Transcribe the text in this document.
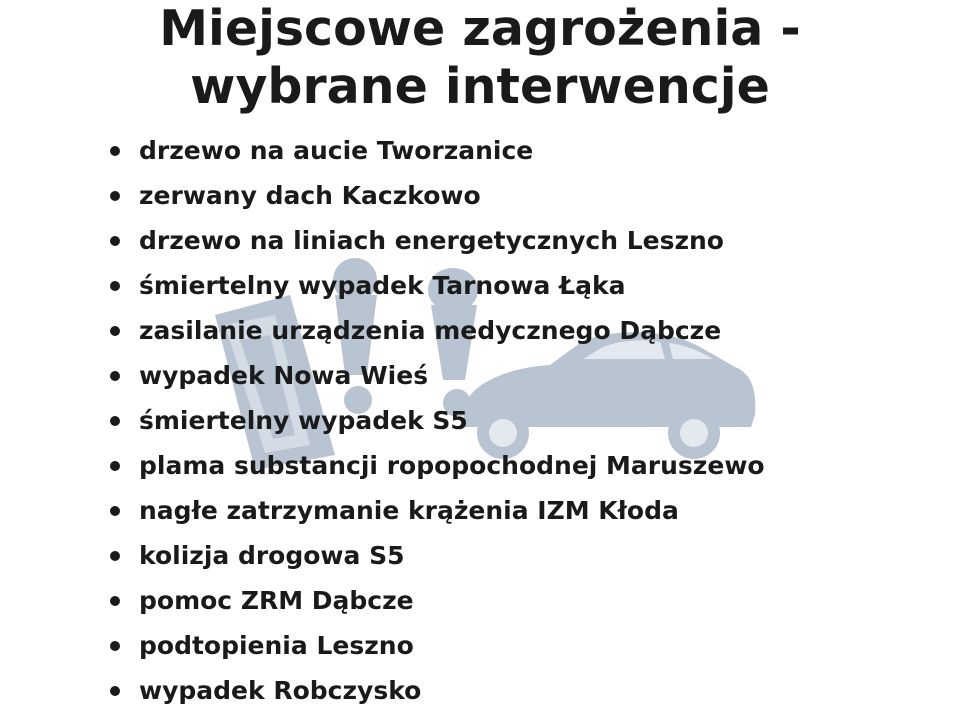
Miejscowe zagrożenia -
wybrane interwencje
drzewo na aucie Tworzanice
zerwany dach Kaczkowo
drzewo na liniach energetycznych Leszno
śmiertelny wypadek Tarnowa Łąka
zasilanie urządzenia medycznego Dąbcze
wypadek Nowa Wieś
śmiertelny wypadek S5
plama substancji ropopochodnej Maruszewo
nagłe zatrzymanie krążenia IZM Kłoda
kolizja drogowa S5
pomoc ZRM Dąbcze
podtopienia Leszno
wypadek Robczysko
